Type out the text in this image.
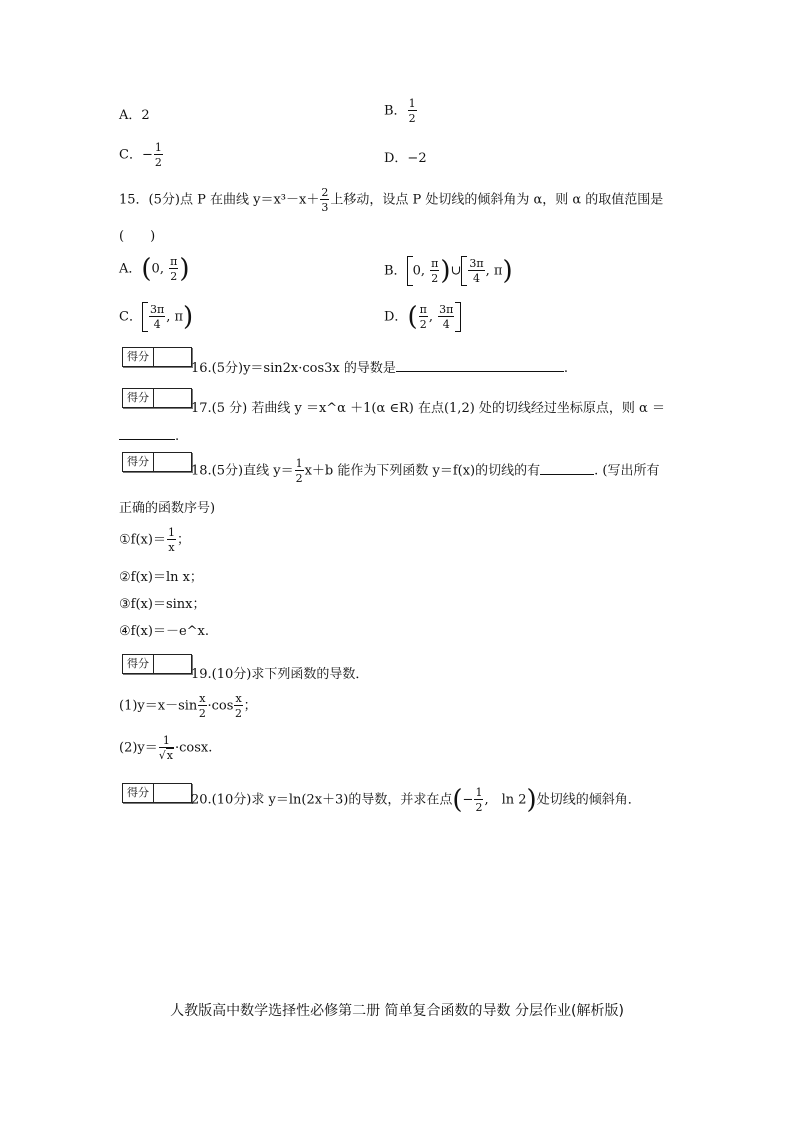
A．2	B． $\frac{1}{2}$
C．− $\frac{1}{2}$	D．−2
15．(5分)点 P 在曲线 $y=x^3-x+ \frac{2}{3}$ 上移动，设点 P 处切线的倾斜角为 α，则 α 的取值范围是
(　　)
A．(0, $\frac{\pi}{2}$ )	B． 0, $\frac{\pi}{2}$ )∪ $\frac{3\pi}{4}$ , π)
C． $\frac{3\pi}{4}$ , π)	D．( $\frac{\pi}{2}$ , $\frac{3\pi}{4}$
得分
16.(5分)y＝sin2x·cos3x 的导数是	.
得分
17.(5 分) 若曲线 y ＝x^α ＋1(α ∈R) 在点(1,2) 处的切线经过坐标原点，则 α ＝
.
得分
18.(5分)直线 $y= \frac{1}{2} x+b$ 能作为下列函数 y＝f(x)的切线的有	. (写出所有
正确的函数序号)
①f(x)＝ $\frac{1}{x}$ ；
②f(x)＝ln x；
③f(x)＝sinx；
④f(x)＝－e^x.
得分
19.(10分)求下列函数的导数．
$(1)y=x-\sin \frac{x}{2} \cdot\cos \frac{x}{2}$ ；
$(2)y= \frac{1}{√x} \cdot\cos x$.
得分	20.(10分)求 y＝ln(2x＋3)的导数，并求在点(− $\frac{1}{2}$ ,　ln 2)处切线的倾斜角．
人教版高中数学选择性必修第二册 简单复合函数的导数 分层作业(解析版)
